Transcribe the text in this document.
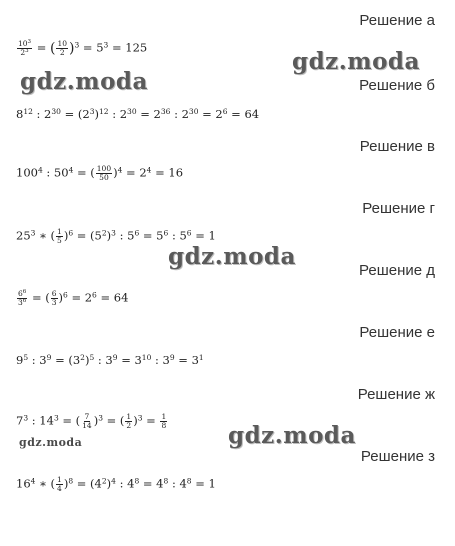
Решение а
Решение б
Решение в
Решение г
Решение д
Решение е
Решение ж
Решение з
$\frac{10^3}{2^3}$ = ( $\frac{10}{2} )^3 = 5^3 = 125$
$8^{12}$ : $2^{30} = (2^3)^{12}$ : $2^{30} = 2^{36}$ : $2^{30} = 2^6 = 64$
$100^4$ : $50^4$ = ( $\frac{100}{50} )^4 = 2^4 = 16$
$25^3$ ∗ ( $\frac{1}{5} )^6 = (5^2)^3$ : $5^6 = 5^6$ : $5^6 = 1$
$\frac{6^6}{3^6}$ = ( $\frac{6}{3} )^6 = 2^6 = 64$
$9^5$ : $3^9 = (3^2)^5$ : $3^9 = 3^{10}$ : $3^9 = 3^1$
$7^3$ : $14^3$ = ( $\frac{7}{14} )^3$ = ( $\frac{1}{2} )^3 = \frac{1}{8}$
$16^4$ ∗ ( $\frac{1}{4} )^8 = (4^2)^4$ : $4^8 = 4^8$ : $4^8 = 1$
gdz.moda
gdz.moda
gdz.moda
gdz.moda
gdz.moda
